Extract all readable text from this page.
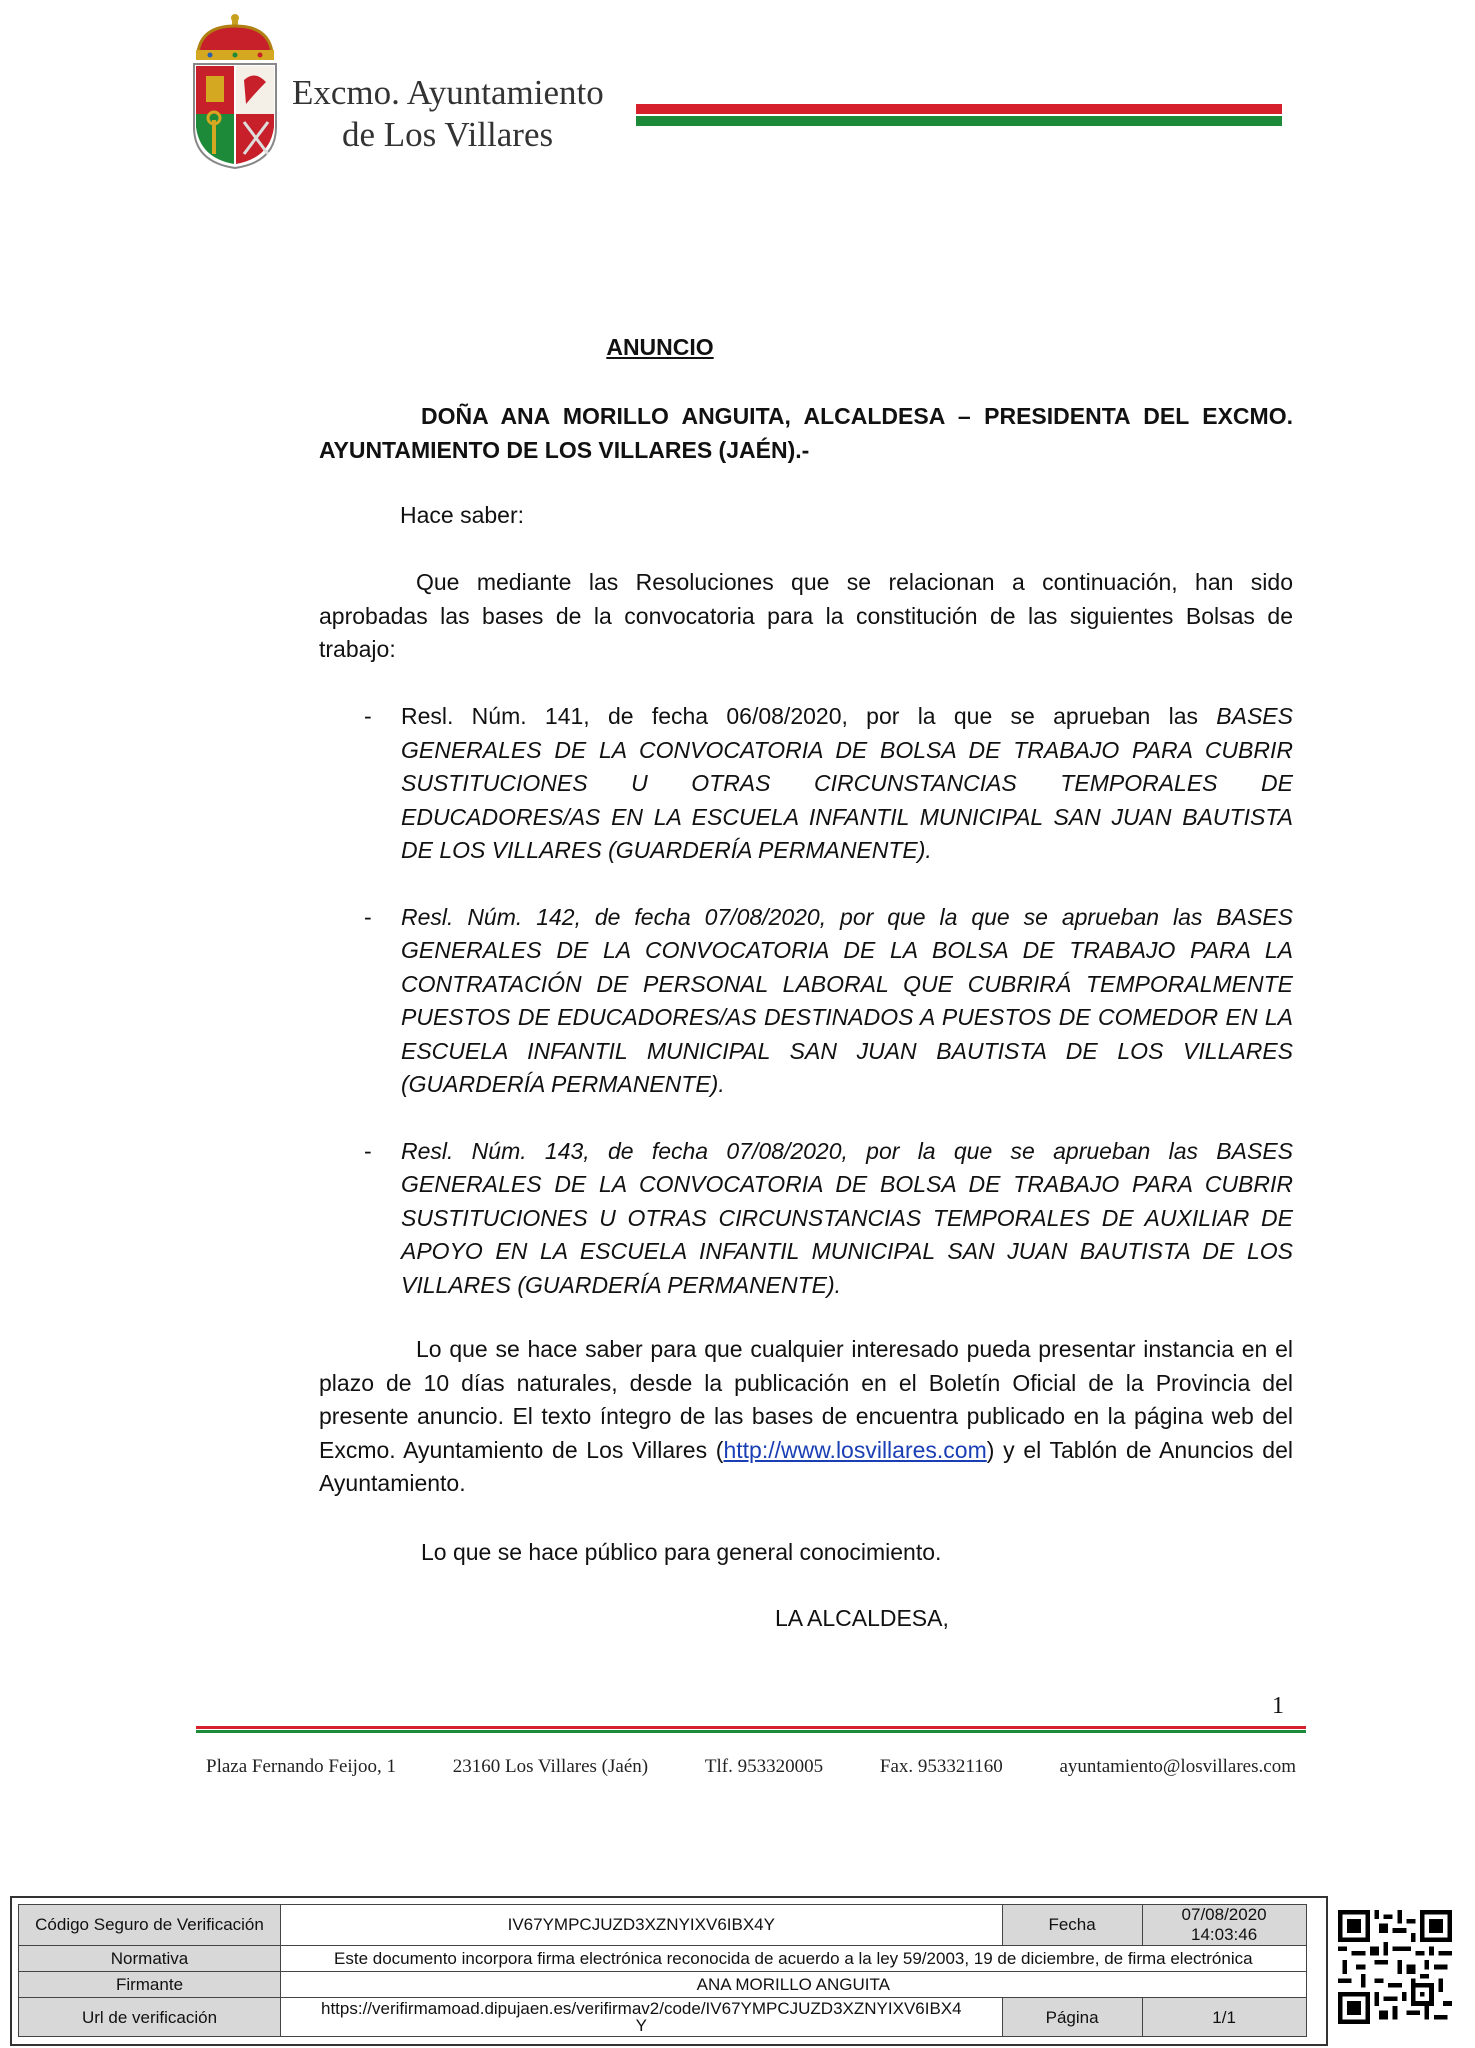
Excmo. Ayuntamiento
de Los Villares
ANUNCIO
DOÑA ANA MORILLO ANGUITA, ALCALDESA – PRESIDENTA DEL EXCMO.
AYUNTAMIENTO DE LOS VILLARES (JAÉN).-
Hace saber:
Que mediante las Resoluciones que se relacionan a continuación, han sido aprobadas las bases de la convocatoria para la constitución de las siguientes Bolsas de trabajo:
- Resl. Núm. 141, de fecha 06/08/2020, por la que se aprueban las BASES GENERALES DE LA CONVOCATORIA DE BOLSA DE TRABAJO PARA CUBRIR SUSTITUCIONES U OTRAS CIRCUNSTANCIAS TEMPORALES DE EDUCADORES/AS EN LA ESCUELA INFANTIL MUNICIPAL SAN JUAN BAUTISTA DE LOS VILLARES (GUARDERÍA PERMANENTE).
- Resl. Núm. 142, de fecha 07/08/2020, por que la que se aprueban las BASES GENERALES DE LA CONVOCATORIA DE LA BOLSA DE TRABAJO PARA LA CONTRATACIÓN DE PERSONAL LABORAL QUE CUBRIRÁ TEMPORALMENTE PUESTOS DE EDUCADORES/AS DESTINADOS A PUESTOS DE COMEDOR EN LA ESCUELA INFANTIL MUNICIPAL SAN JUAN BAUTISTA DE LOS VILLARES (GUARDERÍA PERMANENTE).
- Resl. Núm. 143, de fecha 07/08/2020, por la que se aprueban las BASES GENERALES DE LA CONVOCATORIA DE BOLSA DE TRABAJO PARA CUBRIR SUSTITUCIONES U OTRAS CIRCUNSTANCIAS TEMPORALES DE AUXILIAR DE APOYO EN LA ESCUELA INFANTIL MUNICIPAL SAN JUAN BAUTISTA DE LOS VILLARES (GUARDERÍA PERMANENTE).
Lo que se hace saber para que cualquier interesado pueda presentar instancia en el plazo de 10 días naturales, desde la publicación en el Boletín Oficial de la Provincia del presente anuncio. El texto íntegro de las bases de encuentra publicado en la página web del Excmo. Ayuntamiento de Los Villares (http://www.losvillares.com) y el Tablón de Anuncios del Ayuntamiento.
Lo que se hace público para general conocimiento.
LA ALCALDESA,
1
Plaza Fernando Feijoo, 1	23160 Los Villares (Jaén)	Tlf. 953320005	Fax. 953321160	ayuntamiento@losvillares.com
Código Seguro de Verificación	IV67YMPCJUZD3XZNYIXV6IBX4Y	Fecha	07/08/2020 14:03:46
Normativa	Este documento incorpora firma electrónica reconocida de acuerdo a la ley 59/2003, 19 de diciembre, de firma electrónica		
Firmante	ANA MORILLO ANGUITA		
Url de verificación	https://verifirmamoad.dipujaen.es/verifirmav2/code/IV67YMPCJUZD3XZNYIXV6IBX4 Y	Página	1/1
